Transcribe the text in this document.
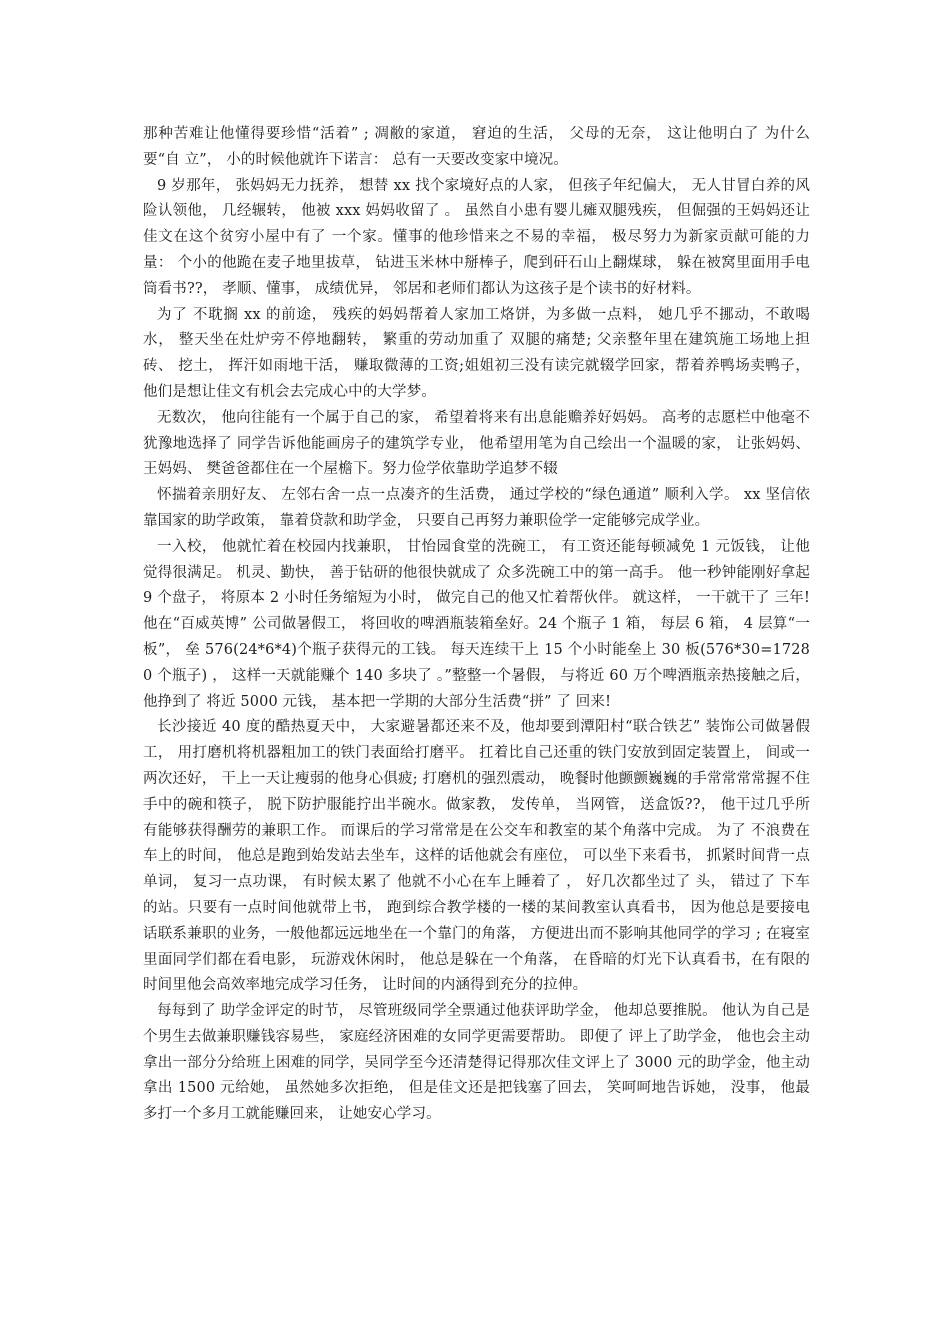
那种苦难让他懂得要珍惜“活着” ; 凋敝的家道， 窘迫的生活， 父母的无奈， 这让他明白了 为什么要“自 立”， 小的时候他就许下诺言： 总有一天要改变家中境况。

9 岁那年， 张妈妈无力抚养， 想替 xx 找个家境好点的人家， 但孩子年纪偏大， 无人甘冒白养的风险认领他， 几经辗转， 他被 xxx 妈妈收留了 。 虽然自小患有婴儿瘫双腿残疾， 但倔强的王妈妈还让佳文在这个贫穷小屋中有了 一个家。懂事的他珍惜来之不易的幸福， 极尽努力为新家贡献可能的力量： 个小的他跪在麦子地里拔草， 钻进玉米林中掰棒子，爬到矸石山上翻煤球， 躲在被窝里面用手电筒看书??， 孝顺、懂事， 成绩优异， 邻居和老师们都认为这孩子是个读书的好材料。

为了 不耽搁 xx 的前途， 残疾的妈妈帮着人家加工烙饼，为多做一点料， 她几乎不挪动，不敢喝水， 整天坐在灶炉旁不停地翻转， 繁重的劳动加重了 双腿的痛楚; 父亲整年里在建筑施工场地上担砖、 挖土， 挥汗如雨地干活， 赚取微薄的工资;姐姐初三没有读完就辍学回家，帮着养鸭场卖鸭子， 他们是想让佳文有机会去完成心中的大学梦。

无数次， 他向往能有一个属于自己的家， 希望着将来有出息能赡养好妈妈。 高考的志愿栏中他毫不犹豫地选择了 同学告诉他能画房子的建筑学专业， 他希望用笔为自己绘出一个温暖的家， 让张妈妈、 王妈妈、 樊爸爸都住在一个屋檐下。努力俭学依靠助学追梦不辍

怀揣着亲朋好友、 左邻右舍一点一点凑齐的生活费， 通过学校的“绿色通道” 顺利入学。 xx 坚信依靠国家的助学政策， 靠着贷款和助学金， 只要自己再努力兼职俭学一定能够完成学业。

一入校， 他就忙着在校园内找兼职， 甘怡园食堂的洗碗工， 有工资还能每顿减免 1 元饭钱， 让他觉得很满足。 机灵、勤快， 善于钻研的他很快就成了 众多洗碗工中的第一高手。 他一秒钟能刚好拿起 9 个盘子， 将原本 2 小时任务缩短为小时， 做完自己的他又忙着帮伙伴。 就这样， 一干就干了 三年!他在“百威英博” 公司做暑假工， 将回收的啤酒瓶装箱垒好。24 个瓶子 1 箱， 每层 6 箱， 4 层算“一板”， 垒 576(24*6*4)个瓶子获得元的工钱。 每天连续干上 15 个小时能垒上 30 板(576*30=17280 个瓶子) ， 这样一天就能赚个 140 多块了 。”整整一个暑假， 与将近 60 万个啤酒瓶亲热接触之后， 他挣到了 将近 5000 元钱， 基本把一学期的大部分生活费“拼” 了 回来!

长沙接近 40 度的酷热夏天中， 大家避暑都还来不及，他却要到潭阳村“联合铁艺” 装饰公司做暑假工， 用打磨机将机器粗加工的铁门表面给打磨平。 扛着比自己还重的铁门安放到固定装置上， 间或一两次还好， 干上一天让瘦弱的他身心俱疲; 打磨机的强烈震动， 晚餐时他颤颤巍巍的手常常常常握不住手中的碗和筷子， 脱下防护服能拧出半碗水。做家教， 发传单， 当网管， 送盒饭??， 他干过几乎所有能够获得酬劳的兼职工作。 而课后的学习常常是在公交车和教室的某个角落中完成。 为了 不浪费在车上的时间， 他总是跑到始发站去坐车，这样的话他就会有座位， 可以坐下来看书， 抓紧时间背一点单词， 复习一点功课， 有时候太累了 他就不小心在车上睡着了 ， 好几次都坐过了 头， 错过了 下车的站。只要有一点时间他就带上书， 跑到综合教学楼的一楼的某间教室认真看书， 因为他总是要接电话联系兼职的业务，一般他都远远地坐在一个靠门的角落， 方便进出而不影响其他同学的学习 ; 在寝室里面同学们都在看电影， 玩游戏休闲时， 他总是躲在一个角落， 在昏暗的灯光下认真看书，在有限的时间里他会高效率地完成学习任务， 让时间的内涵得到充分的拉伸。

每每到了 助学金评定的时节， 尽管班级同学全票通过他获评助学金， 他却总要推脱。 他认为自己是个男生去做兼职赚钱容易些， 家庭经济困难的女同学更需要帮助。 即便了 评上了助学金， 他也会主动拿出一部分分给班上困难的同学，吴同学至今还清楚得记得那次佳文评上了 3000 元的助学金，他主动拿出 1500 元给她， 虽然她多次拒绝， 但是佳文还是把钱塞了回去， 笑呵呵地告诉她， 没事， 他最多打一个多月工就能赚回来， 让她安心学习。
